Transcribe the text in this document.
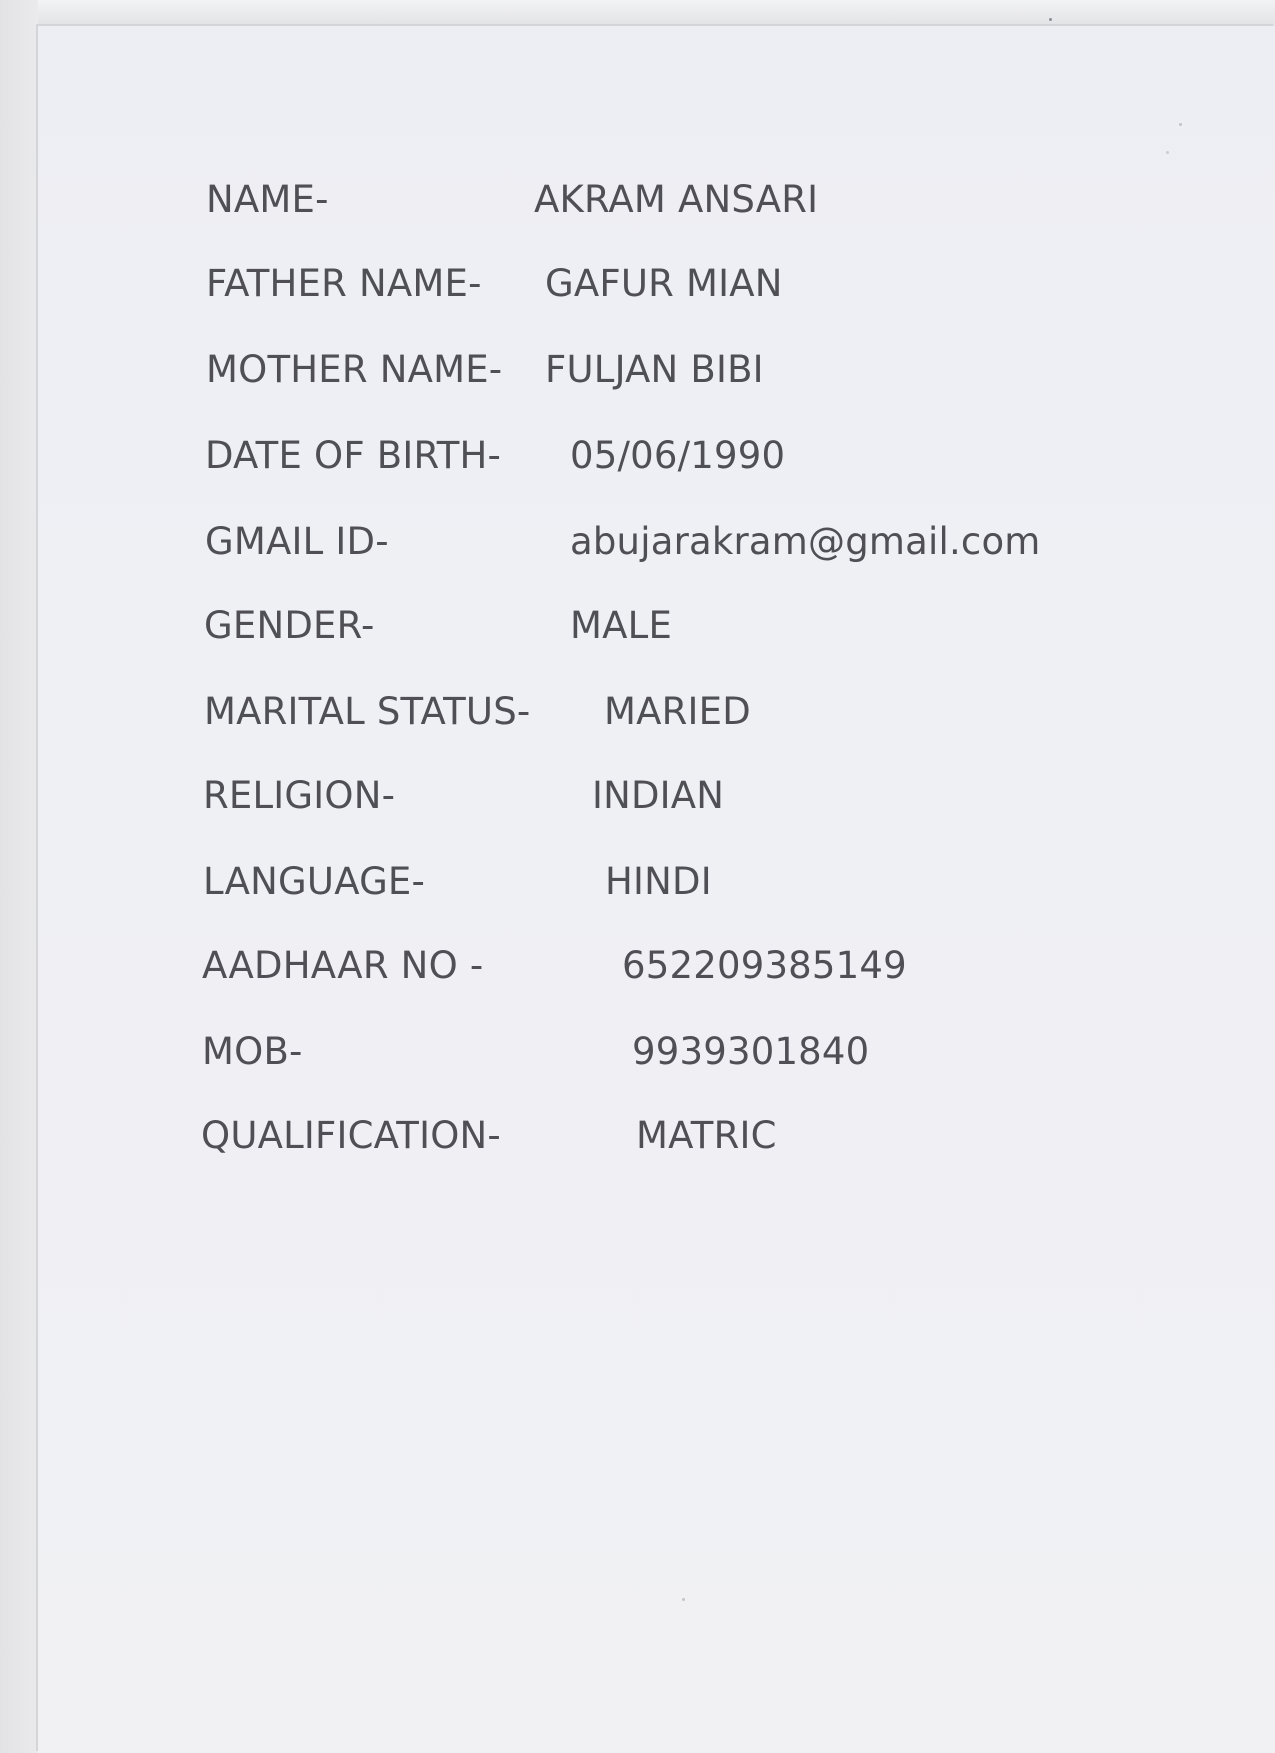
NAME-	AKRAM ANSARI
FATHER NAME- GAFUR MIAN
MOTHER NAME- FULJAN BIBI
DATE OF BIRTH- 05/06/1990
GMAIL ID-	abujarakram@gmail.com
GENDER-	MALE
MARITAL STATUS- MARIED
RELIGION-	INDIAN
LANGUAGE-	HINDI
AADHAAR NO -	652209385149
MOB-	9939301840
QUALIFICATION-	MATRIC
